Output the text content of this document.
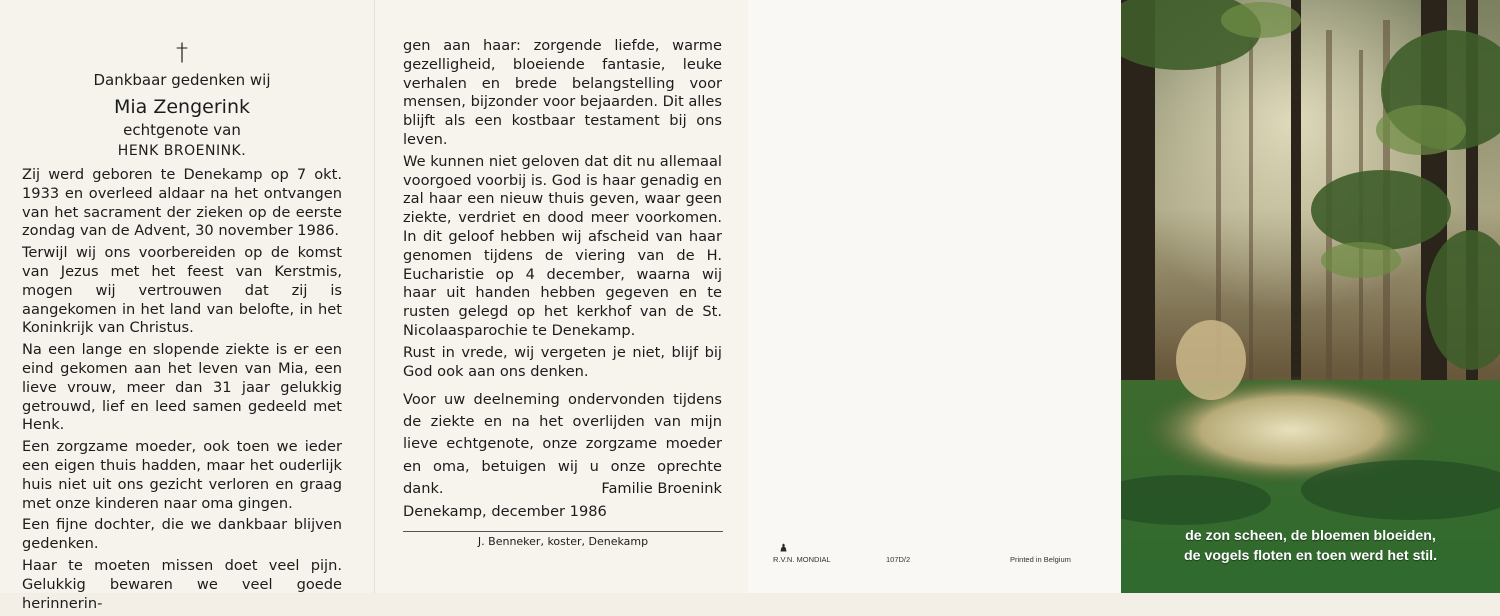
†
Dankbaar gedenken wij
Mia Zengerink
echtgenote van
HENK BROENINK.

Zij werd geboren te Denekamp op 7 okt. 1933 en overleed aldaar na het ontvangen van het sacrament der zieken op de eerste zondag van de Advent, 30 november 1986.

Terwijl wij ons voorbereiden op de komst van Jezus met het feest van Kerstmis, mogen wij vertrouwen dat zij is aangekomen in het land van belofte, in het Koninkrijk van Christus.

Na een lange en slopende ziekte is er een eind gekomen aan het leven van Mia, een lieve vrouw, meer dan 31 jaar gelukkig getrouwd, lief en leed samen gedeeld met Henk.

Een zorgzame moeder, ook toen we ieder een eigen thuis hadden, maar het ouderlijk huis niet uit ons gezicht verloren en graag met onze kinderen naar oma gingen.

Een fijne dochter, die we dankbaar blijven gedenken.

Haar te moeten missen doet veel pijn. Gelukkig bewaren we veel goede herinnerin-

gen aan haar: zorgende liefde, warme gezelligheid, bloeiende fantasie, leuke verhalen en brede belangstelling voor mensen, bijzonder voor bejaarden. Dit alles blijft als een kostbaar testament bij ons leven.

We kunnen niet geloven dat dit nu allemaal voorgoed voorbij is. God is haar genadig en zal haar een nieuw thuis geven, waar geen ziekte, verdriet en dood meer voorkomen. In dit geloof hebben wij afscheid van haar genomen tijdens de viering van de H. Eucharistie op 4 december, waarna wij haar uit handen hebben gegeven en te rusten gelegd op het kerkhof van de St. Nicolaasparochie te Denekamp.

Rust in vrede, wij vergeten je niet, blijf bij God ook aan ons denken.

Voor uw deelneming ondervonden tijdens de ziekte en na het overlijden van mijn lieve echtgenote, onze zorgzame moeder en oma, betuigen wij u onze oprechte dank.	Familie Broenink
Denekamp, december 1986
J. Benneker, koster, Denekamp
R.V.N. MONDIAL	107D/2	Printed in Belgium
de zon scheen, de bloemen bloeiden,
de vogels floten en toen werd het stil.
